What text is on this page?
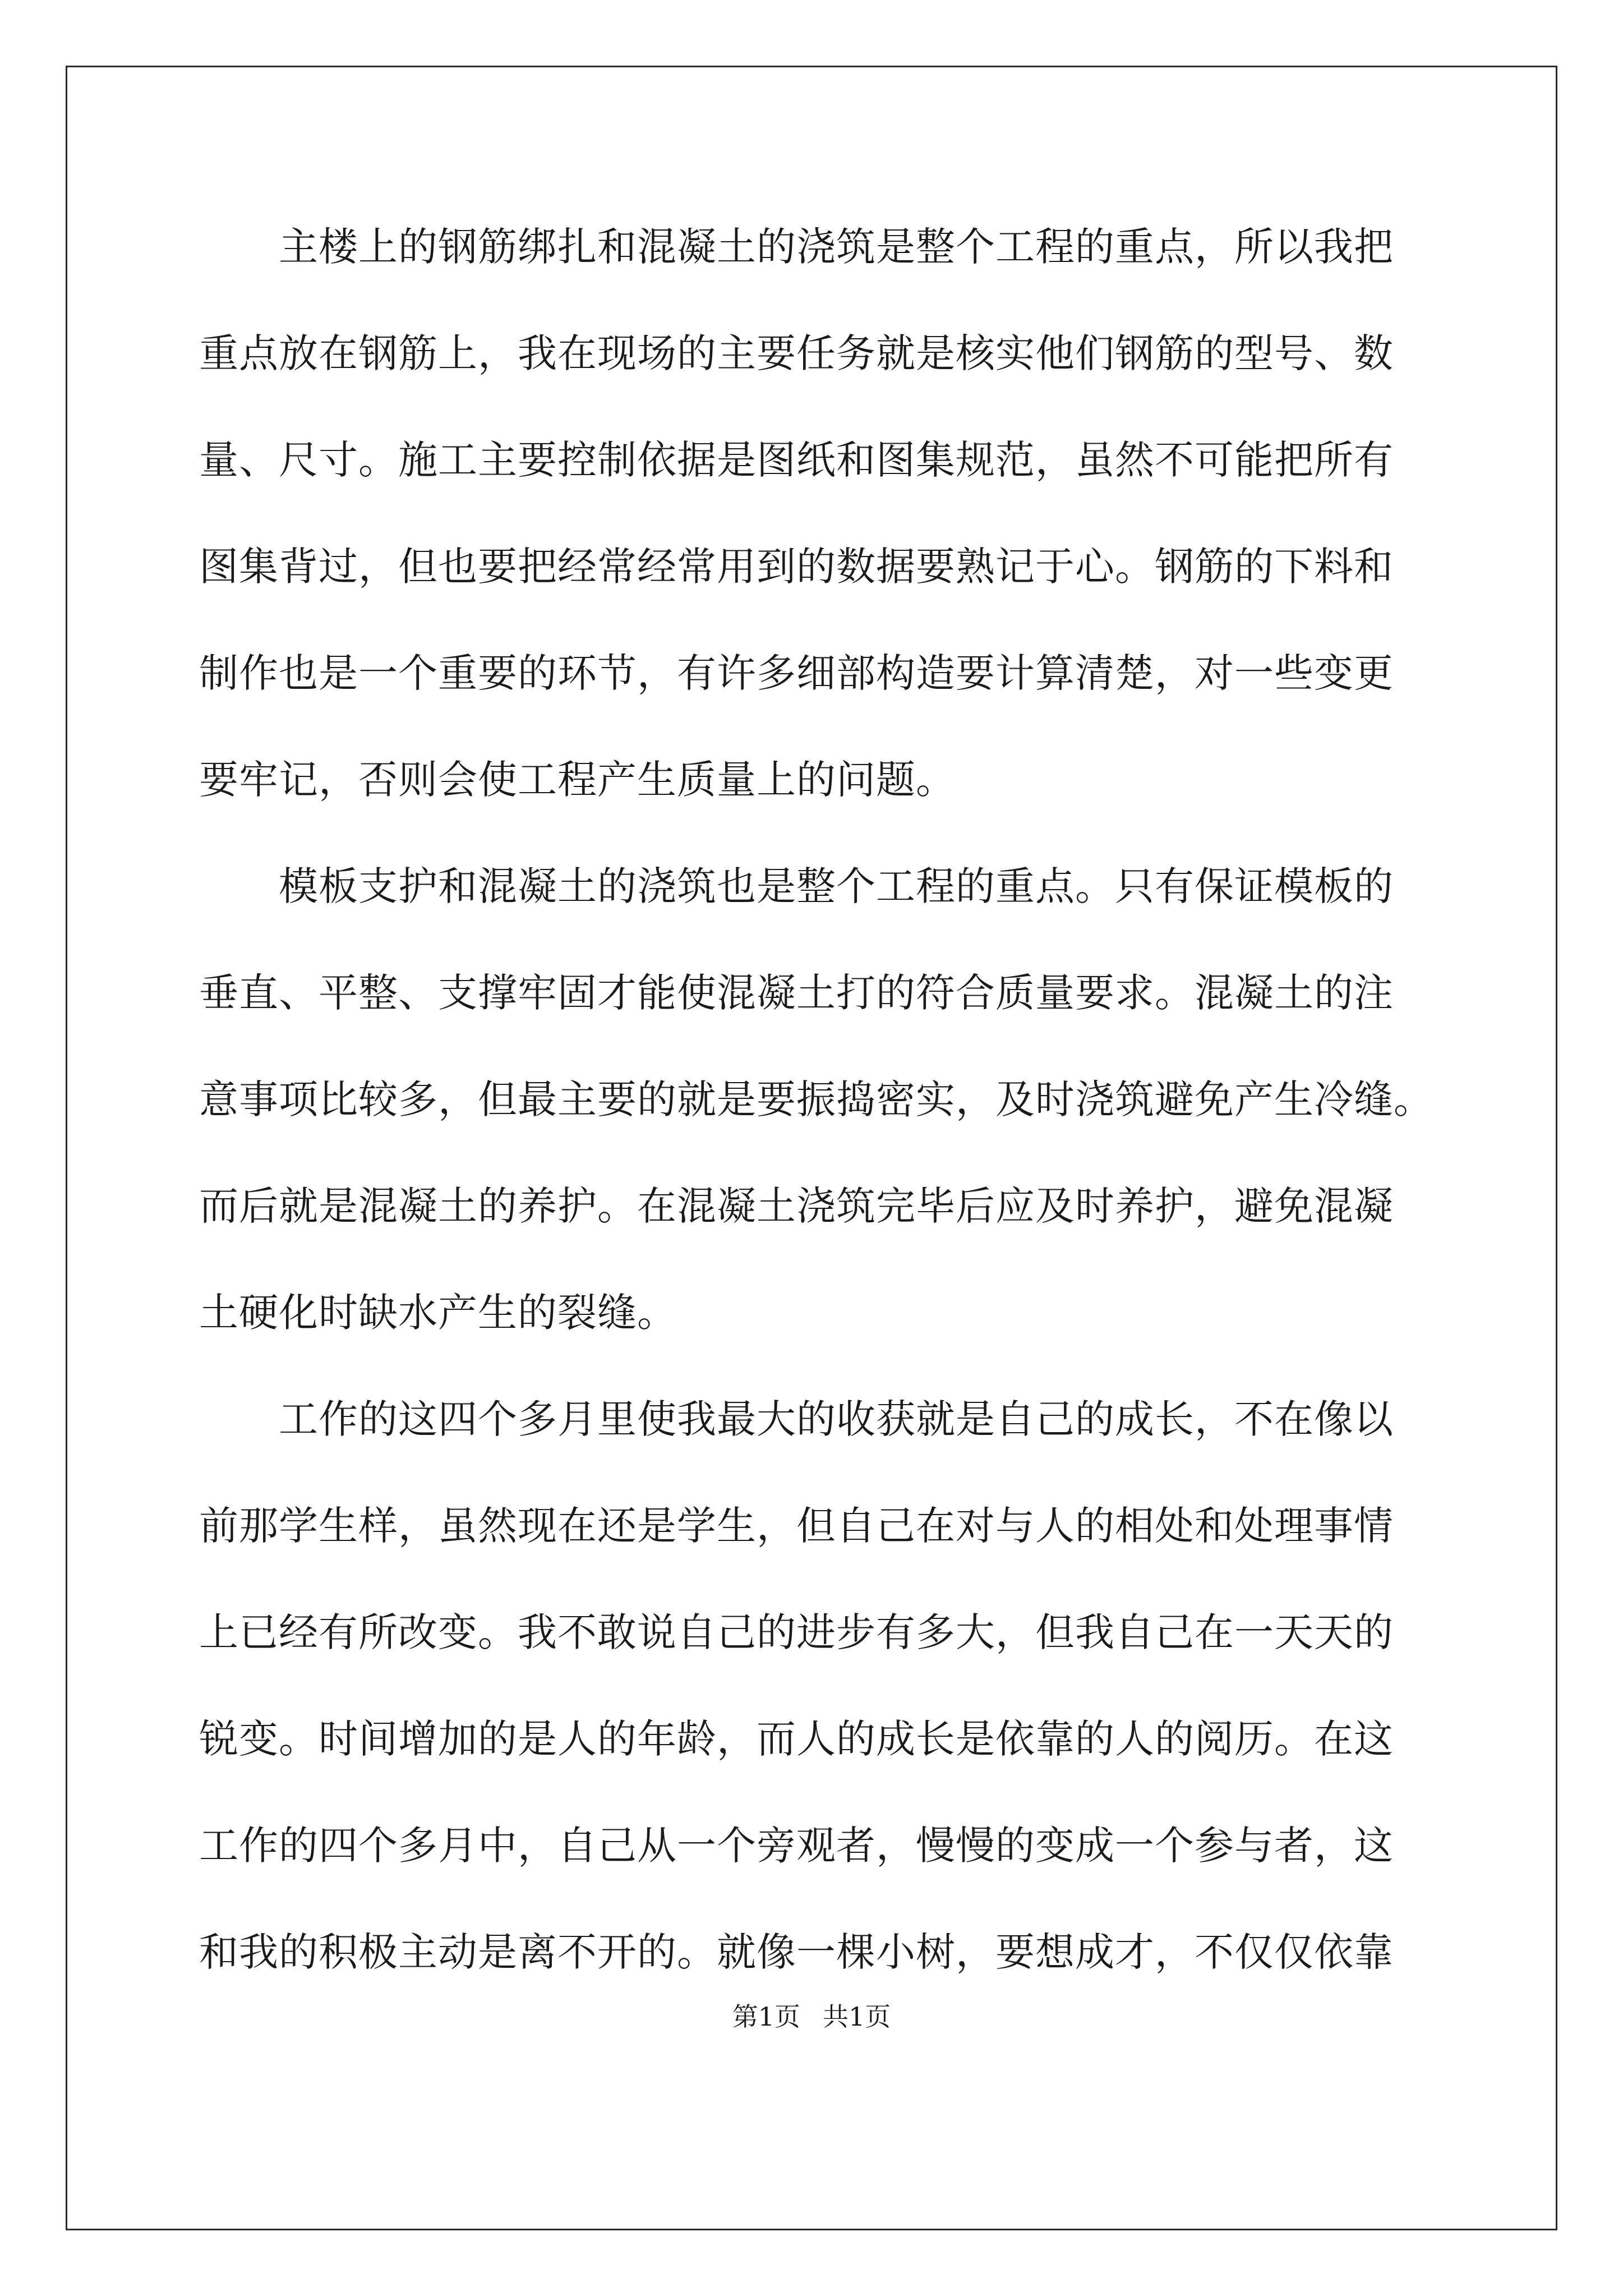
　　主楼上的钢筋绑扎和混凝土的浇筑是整个工程的重点，所以我把
重点放在钢筋上，我在现场的主要任务就是核实他们钢筋的型号、数
量、尺寸。施工主要控制依据是图纸和图集规范，虽然不可能把所有
图集背过，但也要把经常经常用到的数据要熟记于心。钢筋的下料和
制作也是一个重要的环节，有许多细部构造要计算清楚，对一些变更
要牢记，否则会使工程产生质量上的问题。
　　模板支护和混凝土的浇筑也是整个工程的重点。只有保证模板的
垂直、平整、支撑牢固才能使混凝土打的符合质量要求。混凝土的注
意事项比较多，但最主要的就是要振捣密实，及时浇筑避免产生冷缝。
而后就是混凝土的养护。在混凝土浇筑完毕后应及时养护，避免混凝
土硬化时缺水产生的裂缝。
　　工作的这四个多月里使我最大的收获就是自己的成长，不在像以
前那学生样，虽然现在还是学生，但自己在对与人的相处和处理事情
上已经有所改变。我不敢说自己的进步有多大，但我自己在一天天的
锐变。时间增加的是人的年龄，而人的成长是依靠的人的阅历。在这
工作的四个多月中，自己从一个旁观者，慢慢的变成一个参与者，这
和我的积极主动是离不开的。就像一棵小树，要想成才，不仅仅依靠
第1页 共1页
